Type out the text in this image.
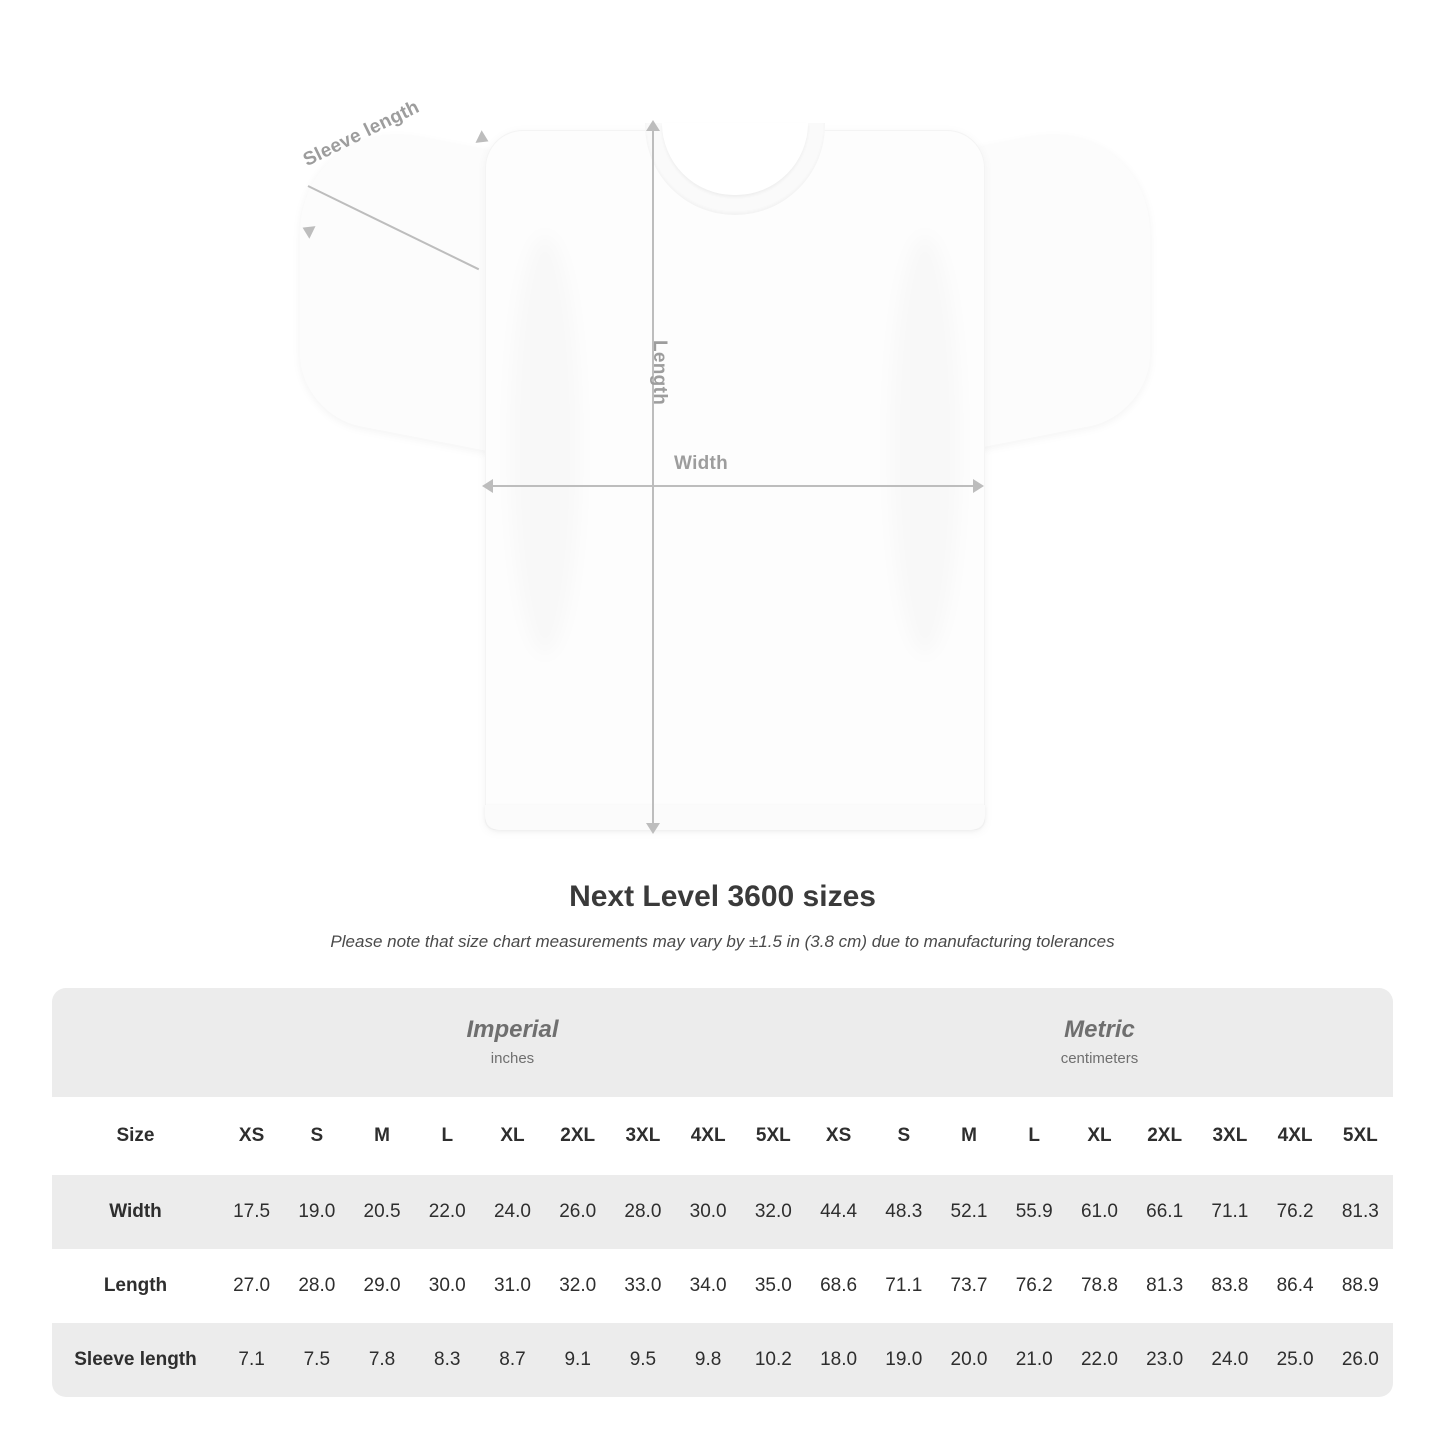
Length
Width
Sleeve length
Next Level 3600 sizes

Please note that size chart measurements may vary by ±1.5 in (3.8 cm) due to manufacturing tolerances

Imperial
inches

Metric
centimeters

Size	XS	S	M	L	XL	2XL	3XL	4XL	5XL	XS	S	M	L	XL	2XL	3XL	4XL	5XL
Width	17.5	19.0	20.5	22.0	24.0	26.0	28.0	30.0	32.0	44.4	48.3	52.1	55.9	61.0	66.1	71.1	76.2	81.3
Length	27.0	28.0	29.0	30.0	31.0	32.0	33.0	34.0	35.0	68.6	71.1	73.7	76.2	78.8	81.3	83.8	86.4	88.9
Sleeve length	7.1	7.5	7.8	8.3	8.7	9.1	9.5	9.8	10.2	18.0	19.0	20.0	21.0	22.0	23.0	24.0	25.0	26.0
